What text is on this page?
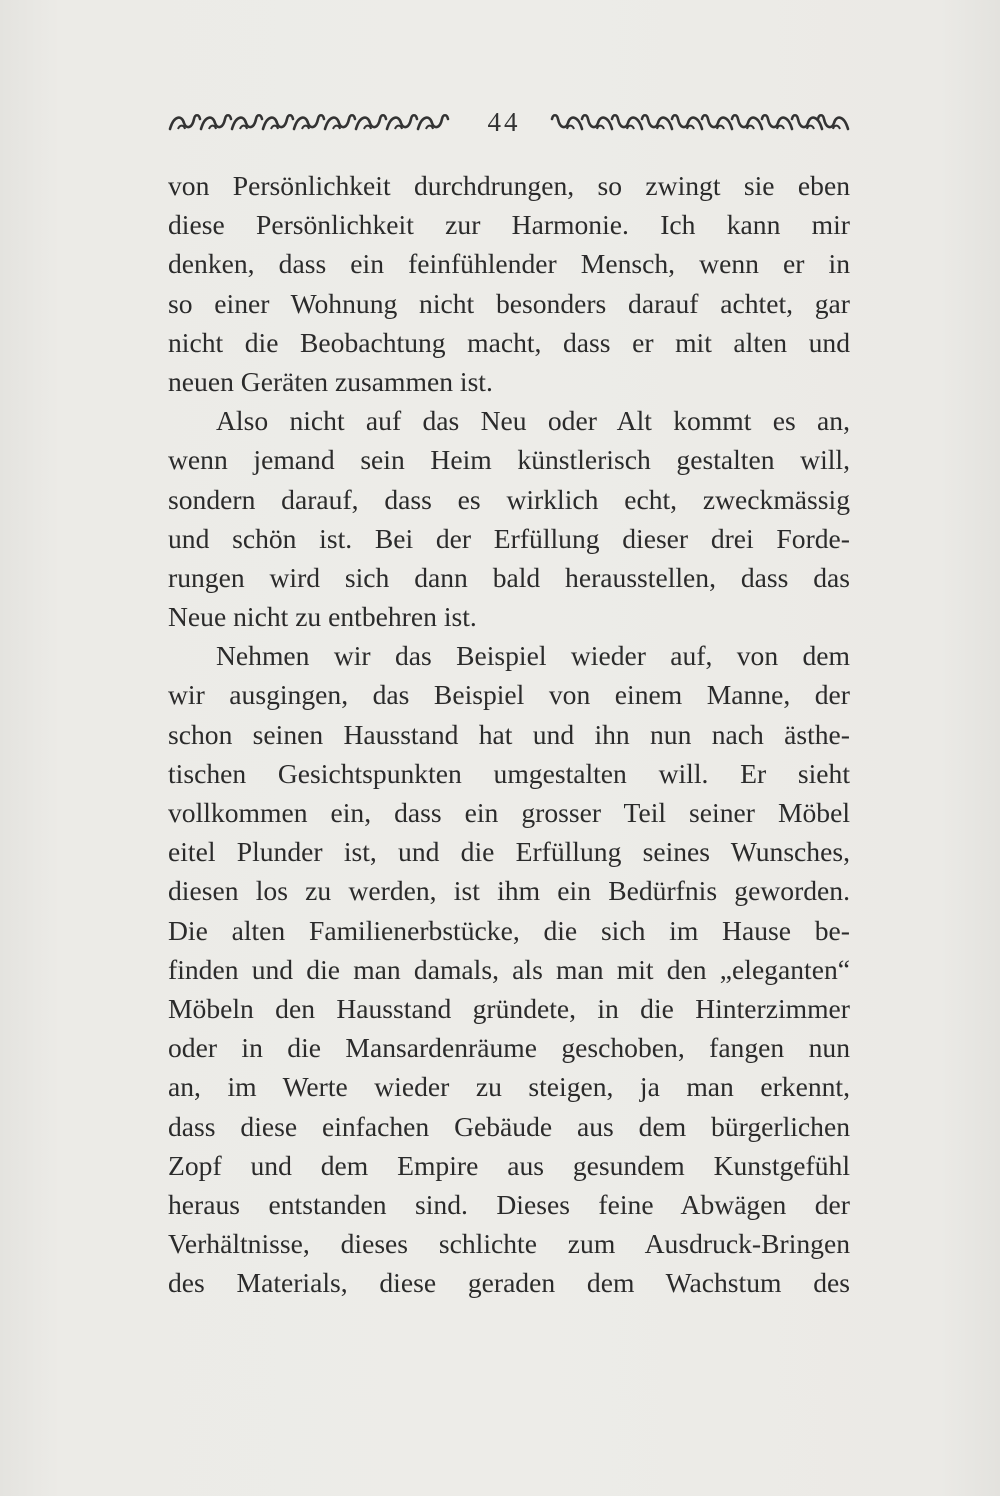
44
von Persönlichkeit durchdrungen, so zwingt sie eben
diese Persönlichkeit zur Harmonie. Ich kann mir
denken, dass ein feinfühlender Mensch, wenn er in
so einer Wohnung nicht besonders darauf achtet, gar
nicht die Beobachtung macht, dass er mit alten und
neuen Geräten zusammen ist.
Also nicht auf das Neu oder Alt kommt es an,
wenn jemand sein Heim künstlerisch gestalten will,
sondern darauf, dass es wirklich echt, zweckmässig
und schön ist. Bei der Erfüllung dieser drei Forde-
rungen wird sich dann bald herausstellen, dass das
Neue nicht zu entbehren ist.
Nehmen wir das Beispiel wieder auf, von dem
wir ausgingen, das Beispiel von einem Manne, der
schon seinen Hausstand hat und ihn nun nach ästhe-
tischen Gesichtspunkten umgestalten will. Er sieht
vollkommen ein, dass ein grosser Teil seiner Möbel
eitel Plunder ist, und die Erfüllung seines Wunsches,
diesen los zu werden, ist ihm ein Bedürfnis geworden.
Die alten Familienerbstücke, die sich im Hause be-
finden und die man damals, als man mit den „eleganten“
Möbeln den Hausstand gründete, in die Hinterzimmer
oder in die Mansardenräume geschoben, fangen nun
an, im Werte wieder zu steigen, ja man erkennt,
dass diese einfachen Gebäude aus dem bürgerlichen
Zopf und dem Empire aus gesundem Kunstgefühl
heraus entstanden sind. Dieses feine Abwägen der
Verhältnisse, dieses schlichte zum Ausdruck-Bringen
des Materials, diese geraden dem Wachstum des
